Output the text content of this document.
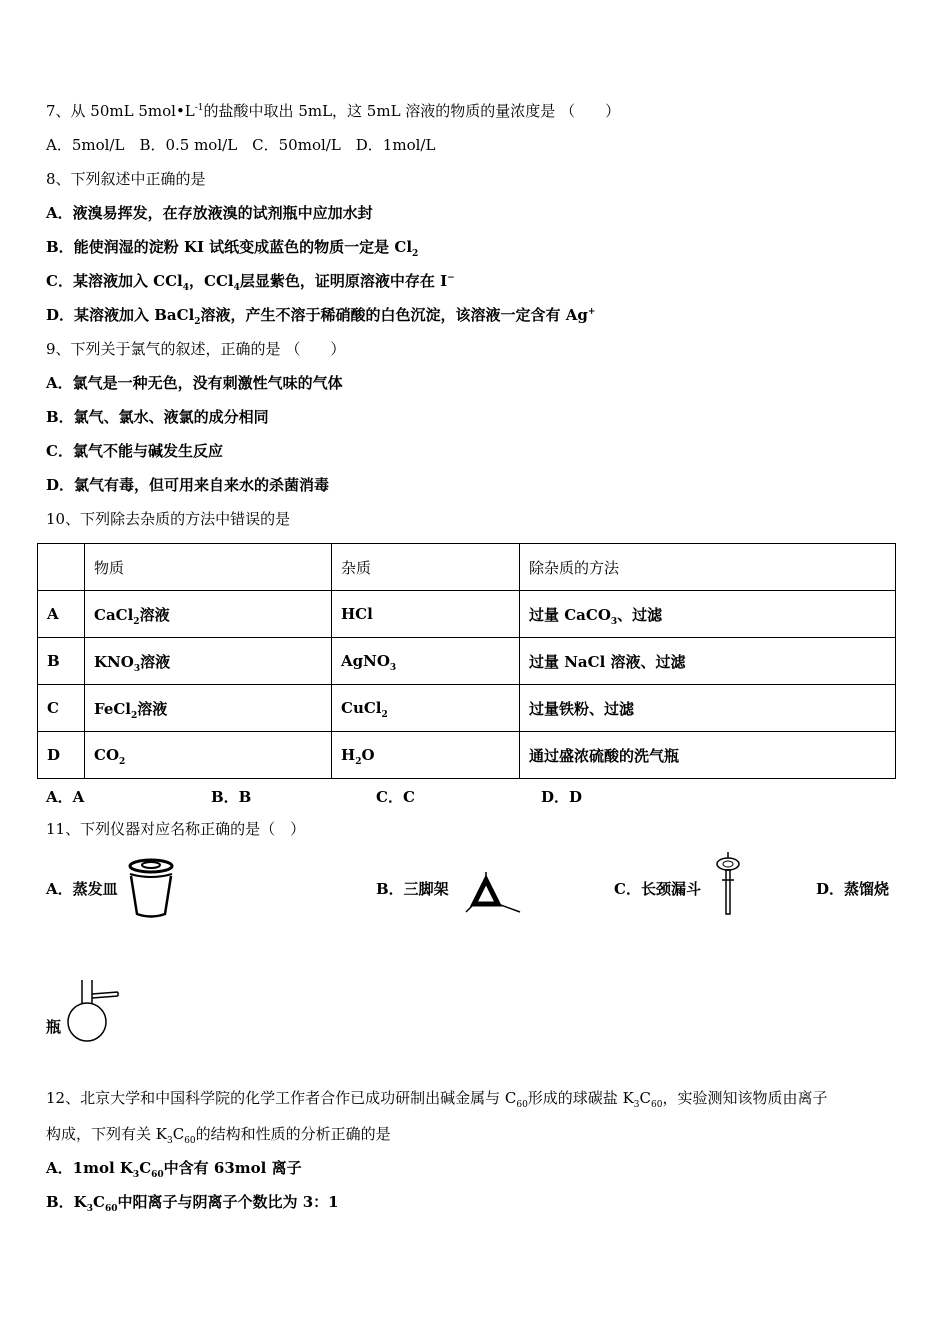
7、从 50mL $5mol•L^{-1}$的盐酸中取出 5mL，这 5mL 溶液的物质的量浓度是 （　　）
A．5mol/L　B．0.5 mol/L　C．50mol/L　D．1mol/L
8、下列叙述中正确的是
A．液溴易挥发，在存放液溴的试剂瓶中应加水封
B．能使润湿的淀粉 KI 试纸变成蓝色的物质一定是 $Cl_2$
C．某溶液加入 CCl$_4$，CCl$_4$层显紫色，证明原溶液中存在 I−
D．某溶液加入 BaCl$_2$溶液，产生不溶于稀硝酸的白色沉淀，该溶液一定含有 Ag+
9、下列关于氯气的叙述，正确的是 （　　）
A．氯气是一种无色，没有刺激性气味的气体
B．氯气、氯水、液氯的成分相同
C．氯气不能与碱发生反应
D．氯气有毒，但可用来自来水的杀菌消毒
10、下列除去杂质的方法中错误的是
	物质	杂质	除杂质的方法
A	CaCl$_2$溶液	HCl	过量 CaCO$_3$、过滤
B	$KNO_3$溶液	AgNO$_3$	过量 NaCl 溶液、过滤
C	FeCl$_2$溶液	CuCl$_2$	过量铁粉、过滤
D	$CO_2$	$H_2O$	通过盛浓硫酸的洗气瓶
A．A	B．B	C．C	D．D
11、下列仪器对应名称正确的是（　）
A．蒸发皿	B．三脚架	C．长颈漏斗	D．蒸馏烧
瓶
12、北京大学和中国科学院的化学工作者合作已成功研制出碱金属与 $C_{60}$形成的球碳盐 $K_3C_{60}$，实验测知该物质由离子
构成，下列有关 $K_3C_{60}$的结构和性质的分析正确的是
A．1mol $K_3C_{60}$中含有 63mol 离子
B．$K_3C_{60}$中阳离子与阴离子个数比为 3：1
